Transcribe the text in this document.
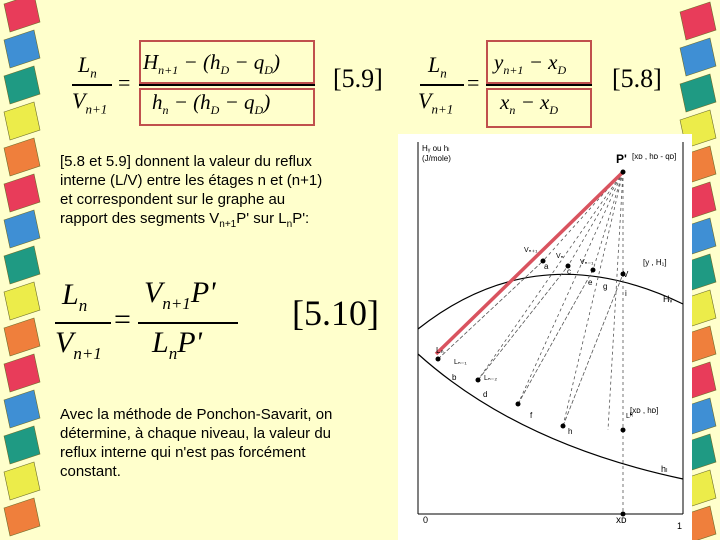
$L_n$
$V_{n+1}$
=
$H_{n+1} - (h_D - q_D)$
$h_n - (h_D - q_D)$
[5.9] $L_n$
$V_{n+1}$
=
$y_{n+1} - x_D$
$x_n - x_D$
[5.8]
[5.8 et 5.9] donnent la valeur du reflux
interne (L/V) entre les étages n et (n+1)
et correspondent sur le graphe au
rapport des segments $V_{n+1}P'$ sur $L_nP'$:
$L_n$
$V_{n+1}$
=
$V_{n+1}P'$
$L_nP'$
[5.10]
Avec la méthode de Ponchon-Savarit, on
détermine, à chaque niveau, la valeur du
reflux interne qui n'est pas forcément
constant.
Hᵧ ou hₗ
(J/mole)	P' [xᴅ , hᴅ - qᴅ]
Hᵥ
hₗ
[y , H₁]
[xᴅ , hᴅ]
0	xᴅ	1
a
b
c
d
e
f
g
h
i
Vₙ₊₁
Vₙ
Vₙ₋₁
V
Lₙ
Lₙ₋₁
Lₙ₋₂
Lᴿ
